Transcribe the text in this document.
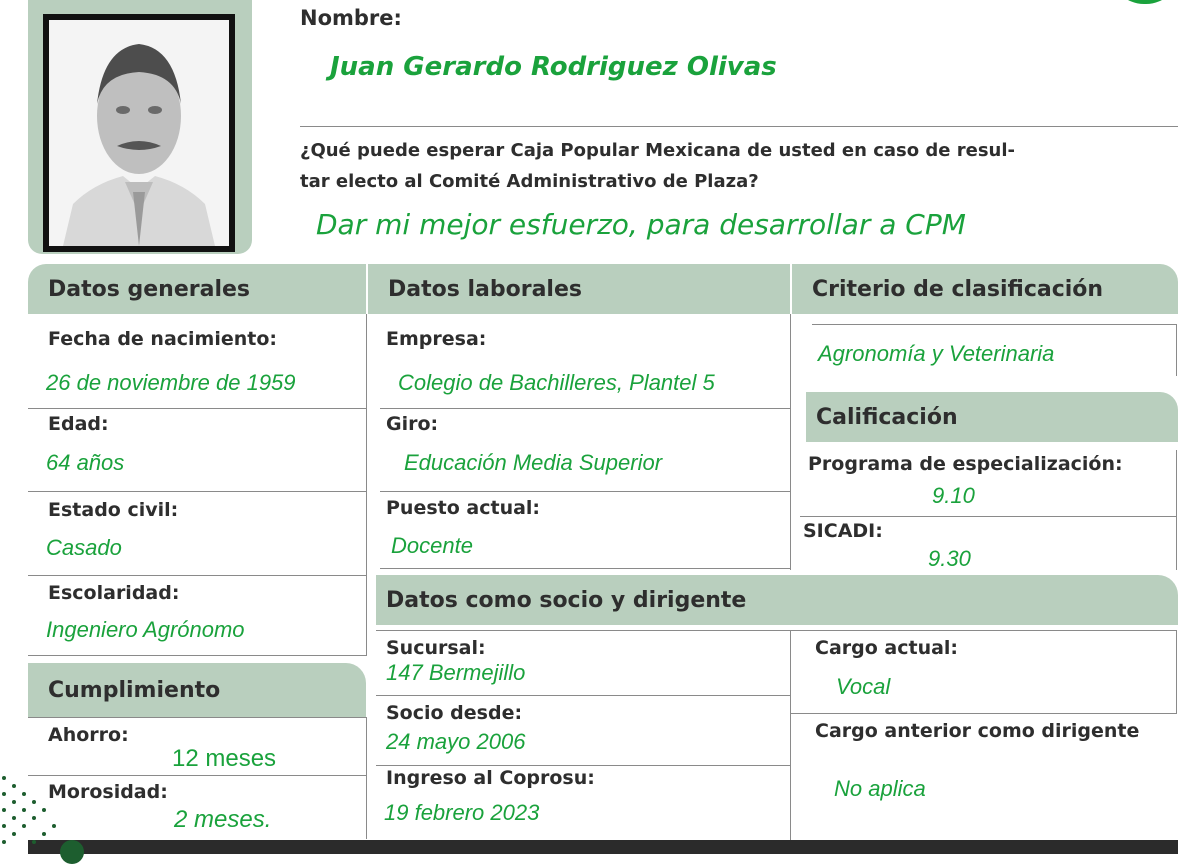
Nombre:
Juan Gerardo Rodriguez Olivas
¿Qué puede esperar Caja Popular Mexicana de usted en caso de resul-
tar electo al Comité Administrativo de Plaza?
Dar mi mejor esfuerzo, para desarrollar a CPM
Datos generales	Datos laborales	Criterio de clasificación
Fecha de nacimiento:
26 de noviembre de 1959
Edad:
64 años
Estado civil:
Casado
Escolaridad:
Ingeniero Agrónomo
Cumplimiento
Ahorro:
12 meses
Morosidad:
2 meses.
Empresa:
Colegio de Bachilleres, Plantel 5
Giro:
Educación Media Superior
Puesto actual:
Docente
Agronomía y Veterinaria
Calificación
Programa de especialización:
9.10
SICADI:
9.30
Datos como socio y dirigente
Sucursal:
147 Bermejillo
Socio desde:
24 mayo 2006
Ingreso al Coprosu:
19 febrero 2023
Cargo actual:
Vocal
Cargo anterior como dirigente
No aplica
